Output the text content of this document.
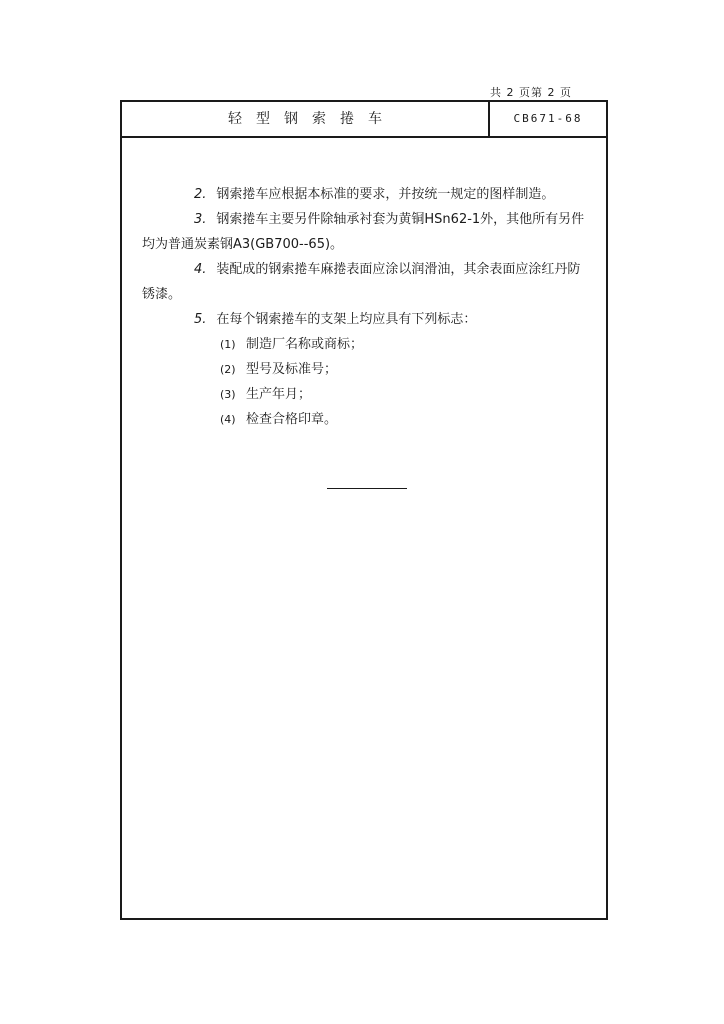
共 2 页第 2 页
轻型钢索捲车	CB671-68

2. 钢索捲车应根据本标准的要求，并按统一规定的图样制造。

3. 钢索捲车主要另件除轴承衬套为黄铜HSn62-1外，其他所有另件均为普通炭素钢A3(GB700--65)。

4. 装配成的钢索捲车麻捲表面应涂以润滑油，其余表面应涂红丹防锈漆。

5. 在每个钢索捲车的支架上均应具有下列标志：

(1) 制造厂名称或商标；

(2) 型号及标准号；

(3) 生产年月；

(4) 检查合格印章。
